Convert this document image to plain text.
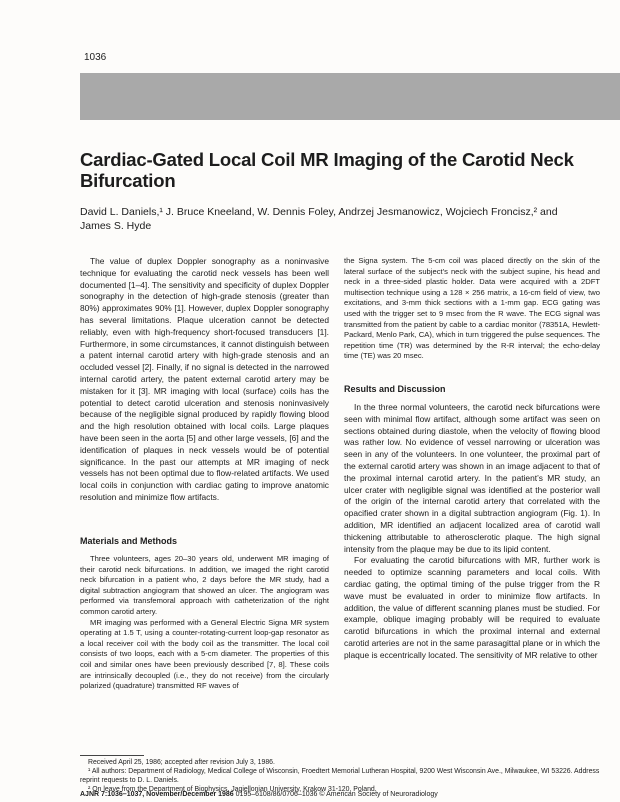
1036
Cardiac-Gated Local Coil MR Imaging of the Carotid Neck Bifurcation
David L. Daniels,¹ J. Bruce Kneeland, W. Dennis Foley, Andrzej Jesmanowicz, Wojciech Froncisz,² and James S. Hyde

The value of duplex Doppler sonography as a noninvasive technique for evaluating the carotid neck vessels has been well documented [1–4]. The sensitivity and specificity of duplex Doppler sonography in the detection of high-grade stenosis (greater than 80%) approximates 90% [1]. However, duplex Doppler sonography has several limitations. Plaque ulceration cannot be detected reliably, even with high-frequency short-focused transducers [1]. Furthermore, in some circumstances, it cannot distinguish between a patent internal carotid artery with high-grade stenosis and an occluded vessel [2]. Finally, if no signal is detected in the narrowed internal carotid artery, the patent external carotid artery may be mistaken for it [3]. MR imaging with local (surface) coils has the potential to detect carotid ulceration and stenosis noninvasively because of the negligible signal produced by rapidly flowing blood and the high resolution obtained with local coils. Large plaques have been seen in the aorta [5] and other large vessels, [6] and the identification of plaques in neck vessels would be of potential significance. In the past our attempts at MR imaging of neck vessels has not been optimal due to flow-related artifacts. We used local coils in conjunction with cardiac gating to improve anatomic resolution and minimize flow artifacts.

Materials and Methods

Three volunteers, ages 20–30 years old, underwent MR imaging of their carotid neck bifurcations. In addition, we imaged the right carotid neck bifurcation in a patient who, 2 days before the MR study, had a digital subtraction angiogram that showed an ulcer. The angiogram was performed via transfemoral approach with catheterization of the right common carotid artery.

MR imaging was performed with a General Electric Signa MR system operating at 1.5 T, using a counter-rotating-current loop-gap resonator as a local receiver coil with the body coil as the transmitter. The local coil consists of two loops, each with a 5-cm diameter. The properties of this coil and similar ones have been previously described [7, 8]. These coils are intrinsically decoupled (i.e., they do not receive) from the circularly polarized (quadrature) transmitted RF waves of

the Signa system. The 5-cm coil was placed directly on the skin of the lateral surface of the subject’s neck with the subject supine, his head and neck in a three-sided plastic holder. Data were acquired with a 2DFT multisection technique using a 128 × 256 matrix, a 16-cm field of view, two excitations, and 3-mm thick sections with a 1-mm gap. ECG gating was used with the trigger set to 9 msec from the R wave. The ECG signal was transmitted from the patient by cable to a cardiac monitor (78351A, Hewlett-Packard, Menlo Park, CA), which in turn triggered the pulse sequences. The repetition time (TR) was determined by the R-R interval; the echo-delay time (TE) was 20 msec.

Results and Discussion

In the three normal volunteers, the carotid neck bifurcations were seen with minimal flow artifact, although some artifact was seen on sections obtained during diastole, when the velocity of flowing blood was rather low. No evidence of vessel narrowing or ulceration was seen in any of the volunteers. In one volunteer, the proximal part of the external carotid artery was shown in an image adjacent to that of the proximal internal carotid artery. In the patient’s MR study, an ulcer crater with negligible signal was identified at the posterior wall of the origin of the internal carotid artery that correlated with the opacified crater shown in a digital subtraction angiogram (Fig. 1). In addition, MR identified an adjacent localized area of carotid wall thickening attributable to atherosclerotic plaque. The high signal intensity from the plaque may be due to its lipid content.

For evaluating the carotid bifurcations with MR, further work is needed to optimize scanning parameters and local coils. With cardiac gating, the optimal timing of the pulse trigger from the R wave must be evaluated in order to minimize flow artifacts. In addition, the value of different scanning planes must be studied. For example, oblique imaging probably will be required to evaluate carotid bifurcations in which the proximal internal and external carotid arteries are not in the same parasagittal plane or in which the plaque is eccentrically located. The sensitivity of MR relative to other

Received April 25, 1986; accepted after revision July 3, 1986.

¹ All authors: Department of Radiology, Medical College of Wisconsin, Froedtert Memorial Lutheran Hospital, 9200 West Wisconsin Ave., Milwaukee, WI 53226. Address reprint requests to D. L. Daniels.

² On leave from the Department of Biophysics, Jagiellonian University, Krakow 31-120, Poland.

AJNR 7:1036–1037, November/December 1986 0195–6108/86/0706–1036 © American Society of Neuroradiology
